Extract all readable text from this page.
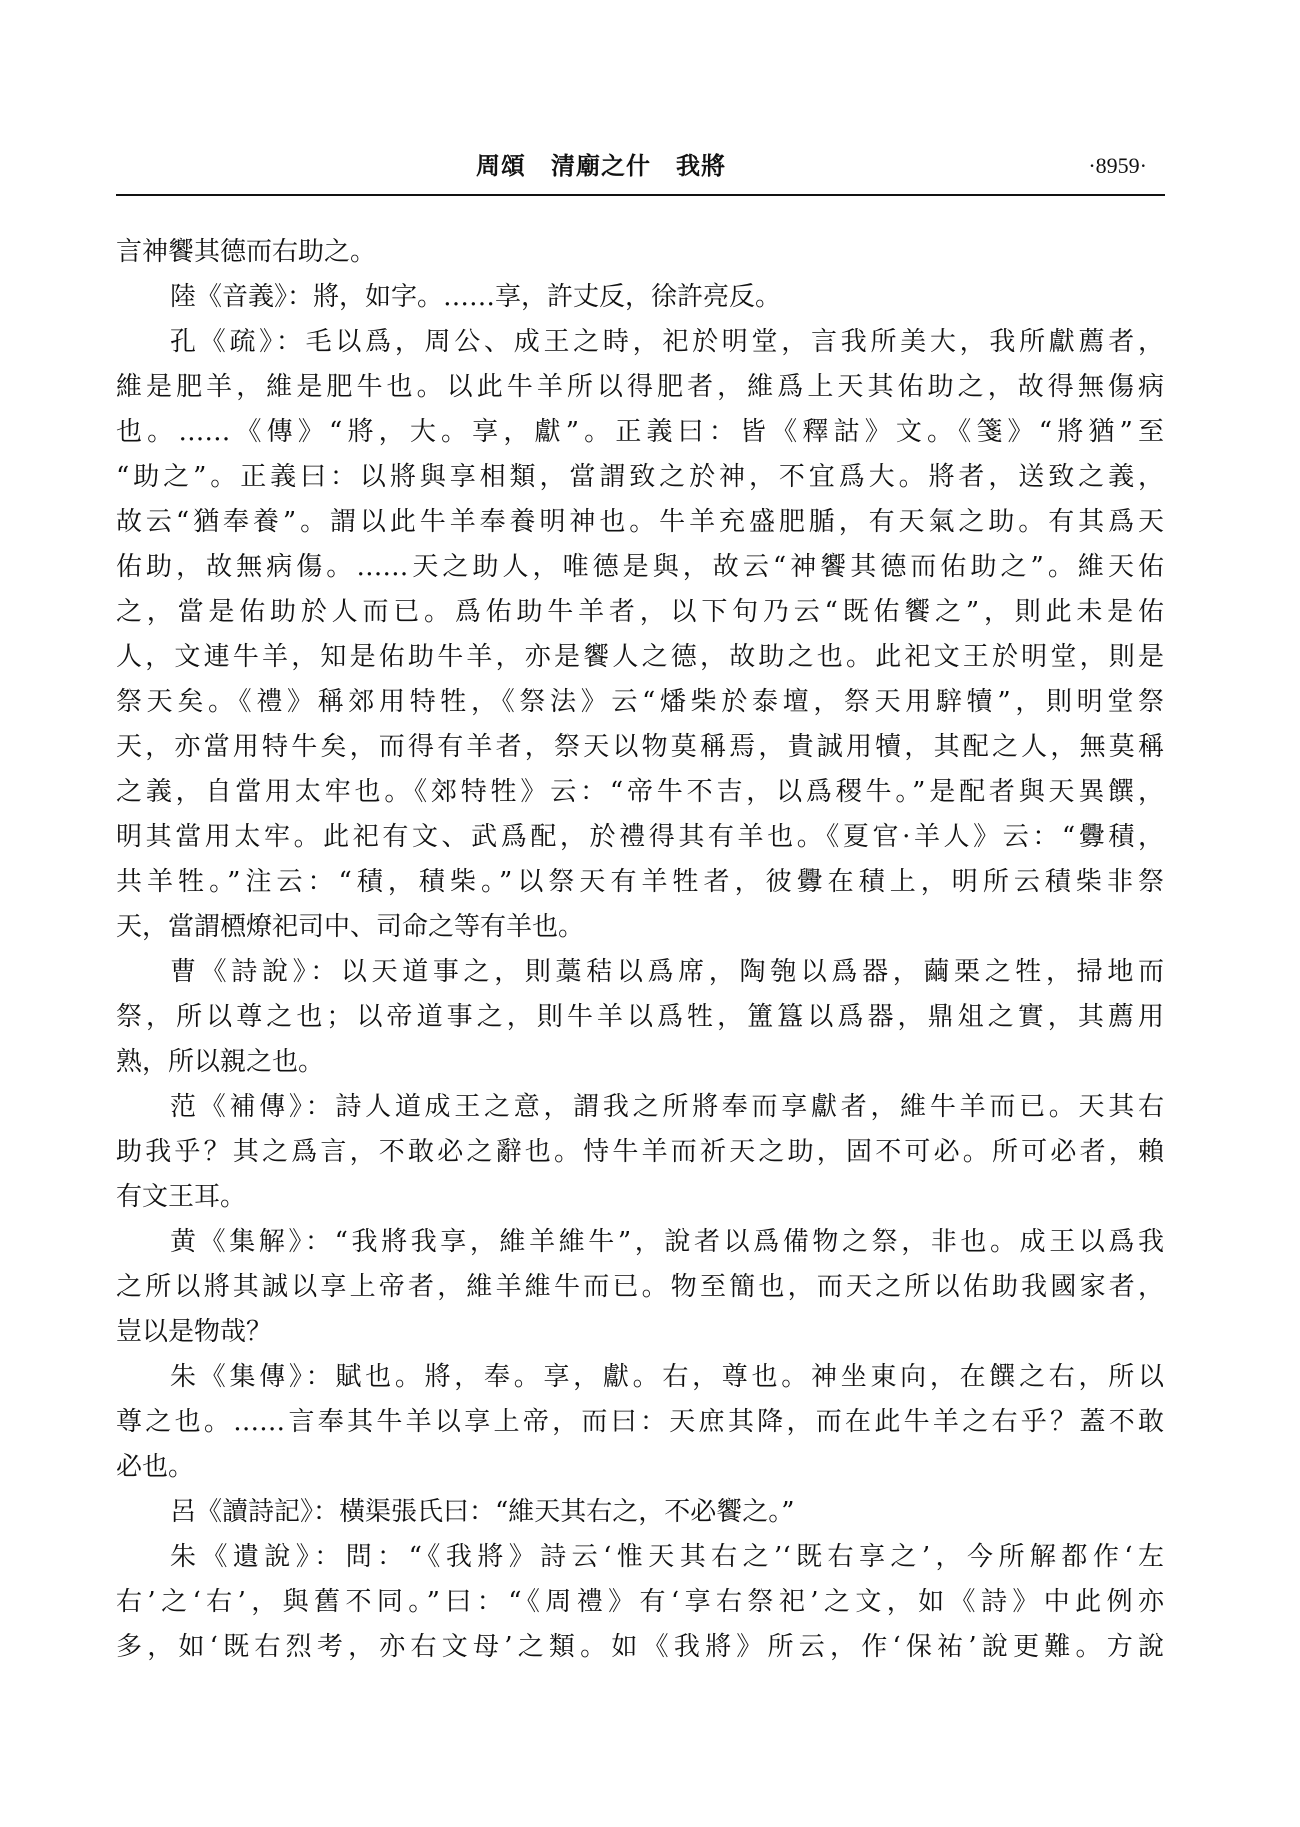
周頌　清廟之什　我將	·8959·
言神饗其德而右助之。
陸《音義》：將，如字。……享，許丈反，徐許亮反。
孔《疏》：毛以爲，周公、成王之時，祀於明堂，言我所美大，我所獻薦者，
維是肥羊，維是肥牛也。以此牛羊所以得肥者，維爲上天其佑助之，故得無傷病
也。……《傳》“將，大。享，獻”。正義曰：皆《釋詁》文。《箋》“將猶”至
“助之”。正義曰：以將與享相類，當謂致之於神，不宜爲大。將者，送致之義，
故云“猶奉養”。謂以此牛羊奉養明神也。牛羊充盛肥腯，有天氣之助。有其爲天
佑助，故無病傷。……天之助人，唯德是與，故云“神饗其德而佑助之”。維天佑
之，當是佑助於人而已。爲佑助牛羊者，以下句乃云“既佑饗之”，則此未是佑
人，文連牛羊，知是佑助牛羊，亦是饗人之德，故助之也。此祀文王於明堂，則是
祭天矣。《禮》稱郊用特牲，《祭法》云“燔柴於泰壇，祭天用騂犢”，則明堂祭
天，亦當用特牛矣，而得有羊者，祭天以物莫稱焉，貴誠用犢，其配之人，無莫稱
之義，自當用太牢也。《郊特牲》云：“帝牛不吉，以爲稷牛。”是配者與天異饌，
明其當用太牢。此祀有文、武爲配，於禮得其有羊也。《夏官·羊人》云：“釁積，
共羊牲。”注云：“積，積柴。”以祭天有羊牲者，彼釁在積上，明所云積柴非祭
天，當謂槱燎祀司中、司命之等有羊也。
曹《詩說》：以天道事之，則藁秸以爲席，陶匏以爲器，繭栗之牲，掃地而
祭，所以尊之也；以帝道事之，則牛羊以爲牲，簠簋以爲器，鼎俎之實，其薦用
熟，所以親之也。
范《補傳》：詩人道成王之意，謂我之所將奉而享獻者，維牛羊而已。天其右
助我乎？其之爲言，不敢必之辭也。恃牛羊而祈天之助，固不可必。所可必者，賴
有文王耳。
黄《集解》：“我將我享，維羊維牛”，說者以爲備物之祭，非也。成王以爲我
之所以將其誠以享上帝者，維羊維牛而已。物至簡也，而天之所以佑助我國家者，
豈以是物哉？
朱《集傳》：賦也。將，奉。享，獻。右，尊也。神坐東向，在饌之右，所以
尊之也。……言奉其牛羊以享上帝，而曰：天庶其降，而在此牛羊之右乎？蓋不敢
必也。
呂《讀詩記》：橫渠張氏曰：“維天其右之，不必饗之。”
朱《遺說》：問：“《我將》詩云‘惟天其右之’‘既右享之’，今所解都作‘左
右’之‘右’，與舊不同。”曰：“《周禮》有‘享右祭祀’之文，如《詩》中此例亦
多，如‘既右烈考，亦右文母’之類。如《我將》所云，作‘保祐’說更難。方說
